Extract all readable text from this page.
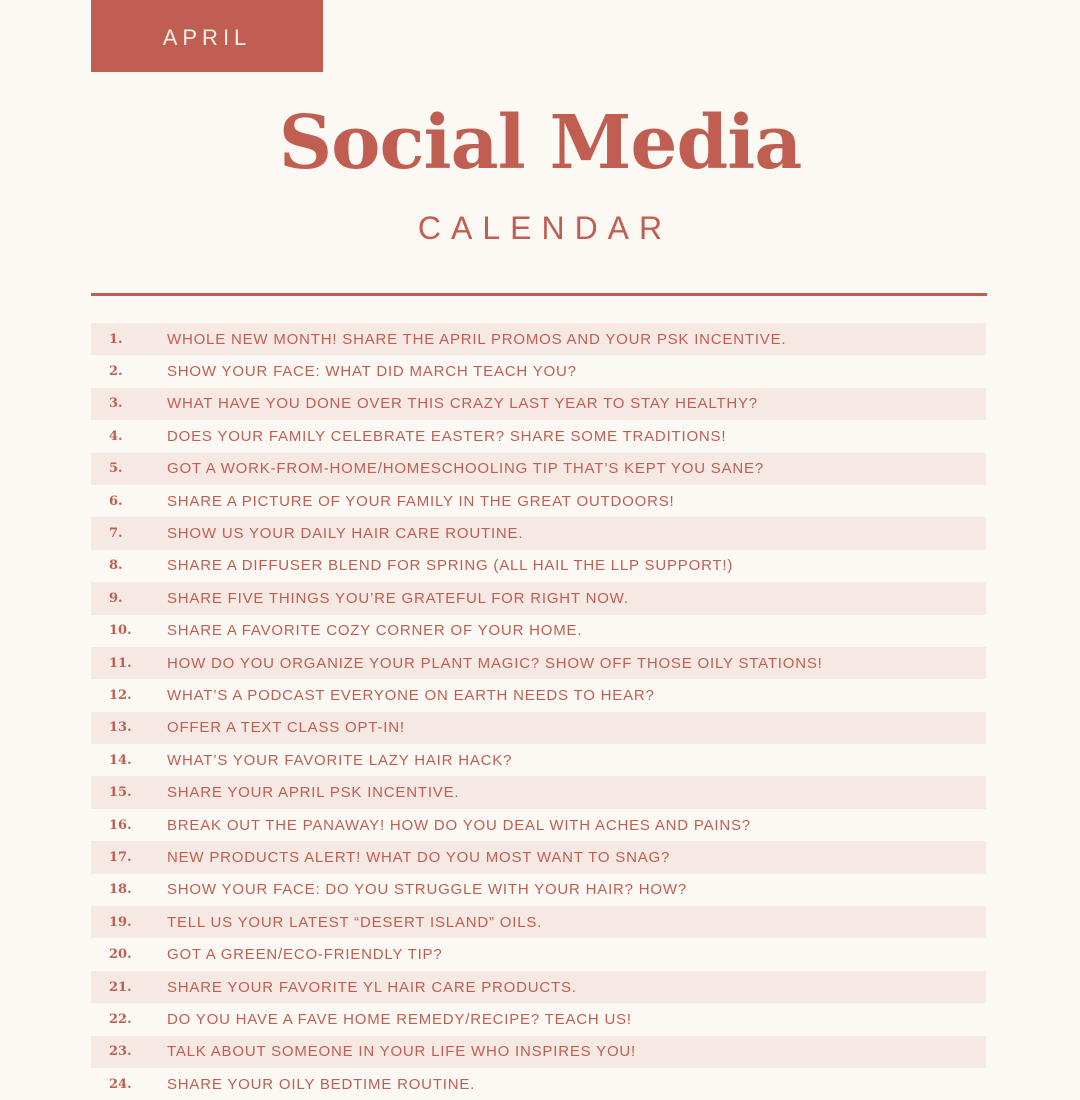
APRIL
Social Media
CALENDAR
1.	WHOLE NEW MONTH! SHARE THE APRIL PROMOS AND YOUR PSK INCENTIVE.
2.	SHOW YOUR FACE: WHAT DID MARCH TEACH YOU?
3.	WHAT HAVE YOU DONE OVER THIS CRAZY LAST YEAR TO STAY HEALTHY?
4.	DOES YOUR FAMILY CELEBRATE EASTER? SHARE SOME TRADITIONS!
5.	GOT A WORK-FROM-HOME/HOMESCHOOLING TIP THAT’S KEPT YOU SANE?
6.	SHARE A PICTURE OF YOUR FAMILY IN THE GREAT OUTDOORS!
7.	SHOW US YOUR DAILY HAIR CARE ROUTINE.
8.	SHARE A DIFFUSER BLEND FOR SPRING (ALL HAIL THE LLP SUPPORT!)
9.	SHARE FIVE THINGS YOU’RE GRATEFUL FOR RIGHT NOW.
10.	SHARE A FAVORITE COZY CORNER OF YOUR HOME.
11.	HOW DO YOU ORGANIZE YOUR PLANT MAGIC? SHOW OFF THOSE OILY STATIONS!
12.	WHAT’S A PODCAST EVERYONE ON EARTH NEEDS TO HEAR?
13.	OFFER A TEXT CLASS OPT-IN!
14.	WHAT’S YOUR FAVORITE LAZY HAIR HACK?
15.	SHARE YOUR APRIL PSK INCENTIVE.
16.	BREAK OUT THE PANAWAY! HOW DO YOU DEAL WITH ACHES AND PAINS?
17.	NEW PRODUCTS ALERT! WHAT DO YOU MOST WANT TO SNAG?
18.	SHOW YOUR FACE: DO YOU STRUGGLE WITH YOUR HAIR? HOW?
19.	TELL US YOUR LATEST “DESERT ISLAND” OILS.
20.	GOT A GREEN/ECO-FRIENDLY TIP?
21.	SHARE YOUR FAVORITE YL HAIR CARE PRODUCTS.
22.	DO YOU HAVE A FAVE HOME REMEDY/RECIPE? TEACH US!
23.	TALK ABOUT SOMEONE IN YOUR LIFE WHO INSPIRES YOU!
24.	SHARE YOUR OILY BEDTIME ROUTINE.
